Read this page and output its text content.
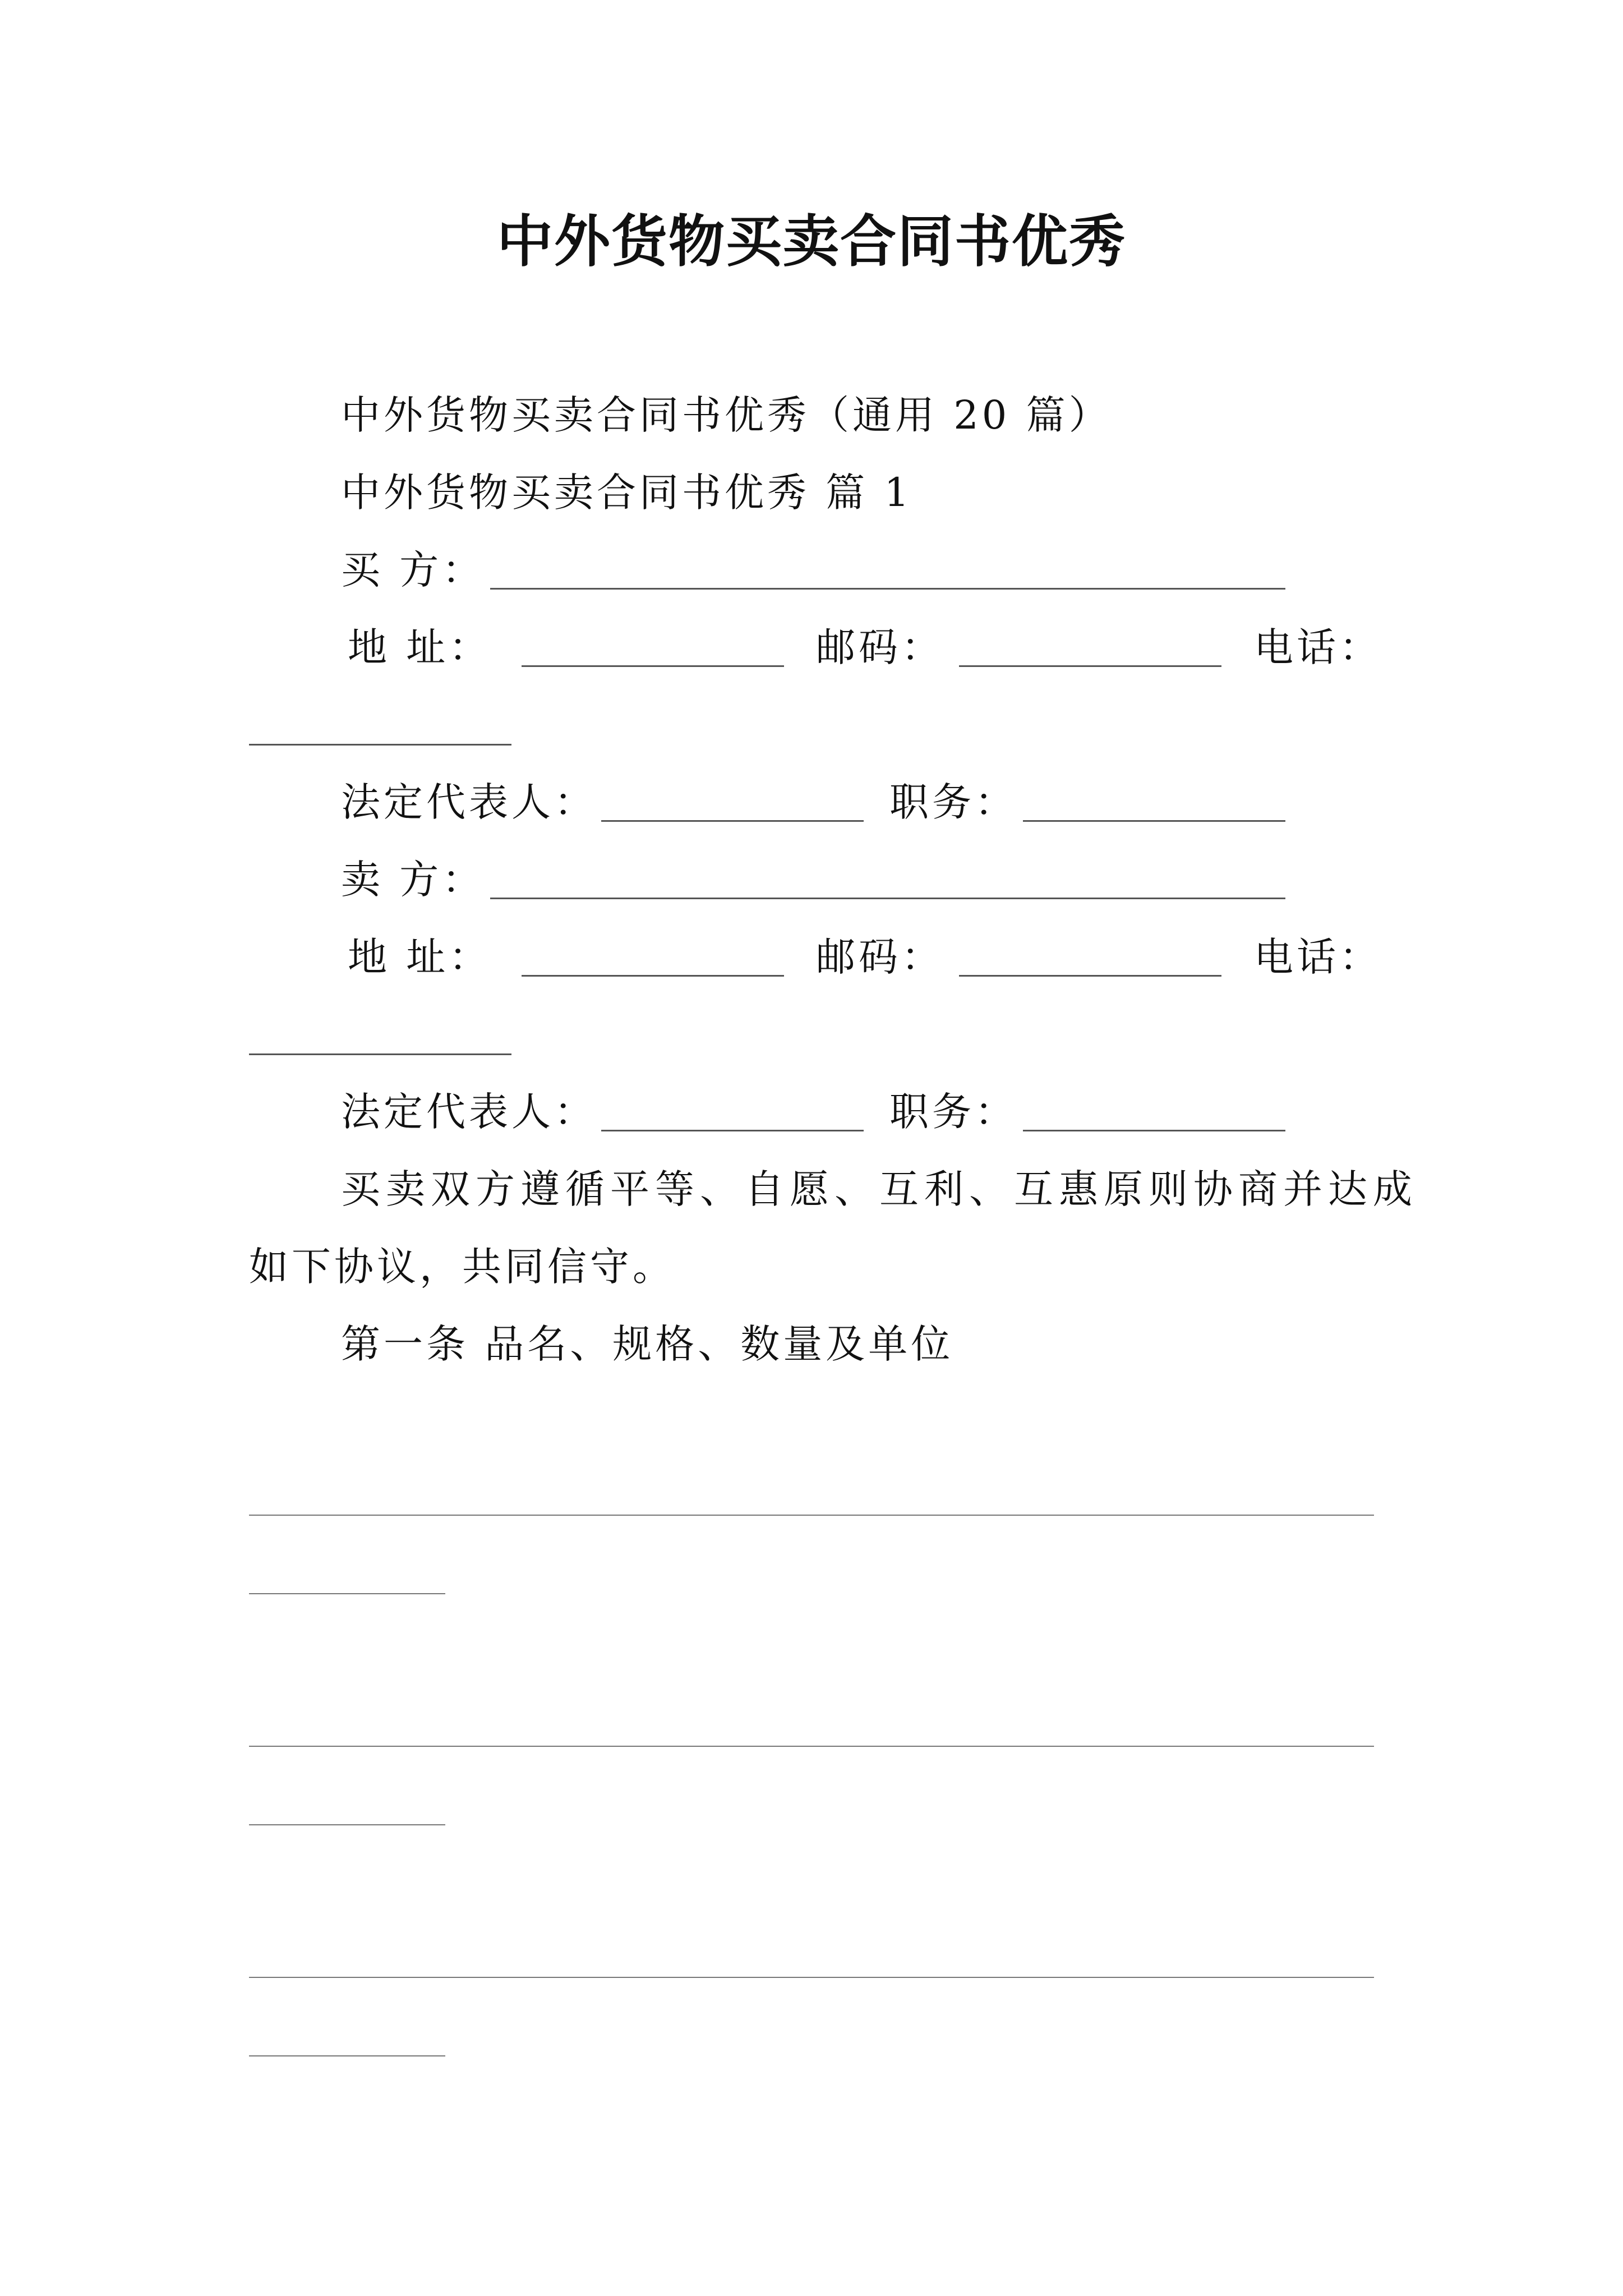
中外货物买卖合同书优秀
中外货物买卖合同书优秀（通用 20 篇）
中外货物买卖合同书优秀 篇 1
买 方：
地 址：	邮码：	电话：
法定代表人：	职务：
卖 方：
地 址：	邮码：	电话：
法定代表人：	职务：
买卖双方遵循平等、自愿、互利、互惠原则协商并达成
如下协议，共同信守。
第一条 品名、规格、数量及单位
